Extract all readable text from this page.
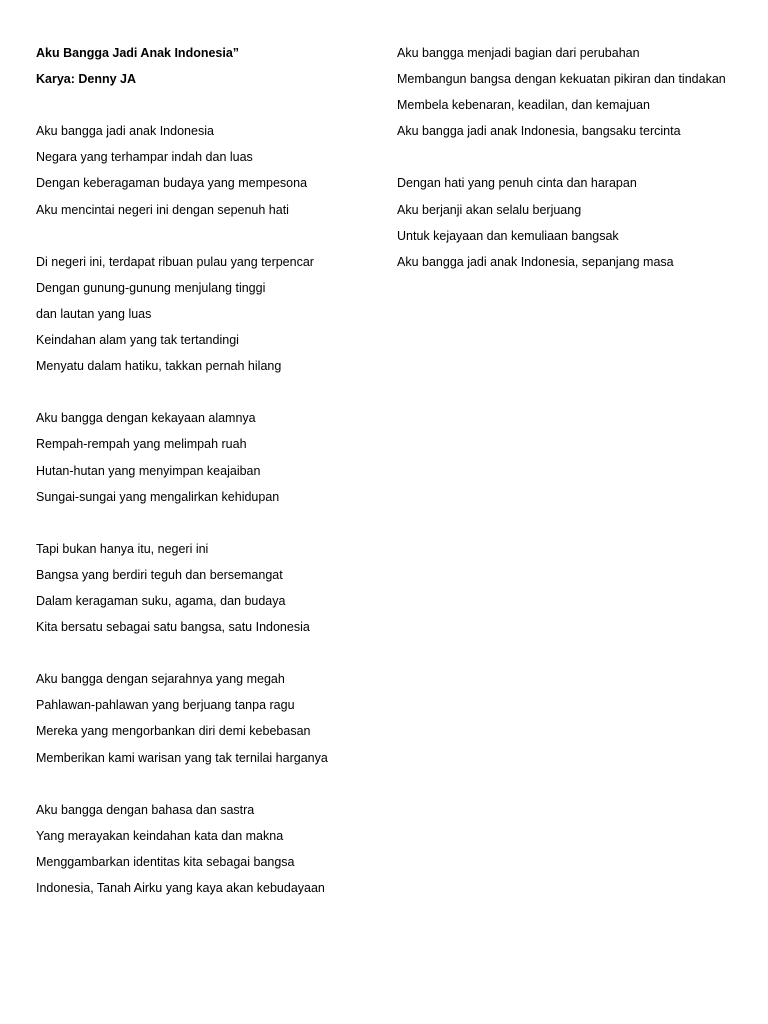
Aku Bangga Jadi Anak Indonesia”
Karya: Denny JA
Aku bangga jadi anak Indonesia
Negara yang terhampar indah dan luas
Dengan keberagaman budaya yang mempesona
Aku mencintai negeri ini dengan sepenuh hati
Di negeri ini, terdapat ribuan pulau yang terpencar
Dengan gunung-gunung menjulang tinggi
dan lautan yang luas
Keindahan alam yang tak tertandingi
Menyatu dalam hatiku, takkan pernah hilang
Aku bangga dengan kekayaan alamnya
Rempah-rempah yang melimpah ruah
Hutan-hutan yang menyimpan keajaiban
Sungai-sungai yang mengalirkan kehidupan
Tapi bukan hanya itu, negeri ini
Bangsa yang berdiri teguh dan bersemangat
Dalam keragaman suku, agama, dan budaya
Kita bersatu sebagai satu bangsa, satu Indonesia
Aku bangga dengan sejarahnya yang megah
Pahlawan-pahlawan yang berjuang tanpa ragu
Mereka yang mengorbankan diri demi kebebasan
Memberikan kami warisan yang tak ternilai harganya
Aku bangga dengan bahasa dan sastra
Yang merayakan keindahan kata dan makna
Menggambarkan identitas kita sebagai bangsa
Indonesia, Tanah Airku yang kaya akan kebudayaan
Aku bangga menjadi bagian dari perubahan
Membangun bangsa dengan kekuatan pikiran dan tindakan
Membela kebenaran, keadilan, dan kemajuan
Aku bangga jadi anak Indonesia, bangsaku tercinta
Dengan hati yang penuh cinta dan harapan
Aku berjanji akan selalu berjuang
Untuk kejayaan dan kemuliaan bangsak
Aku bangga jadi anak Indonesia, sepanjang masa
